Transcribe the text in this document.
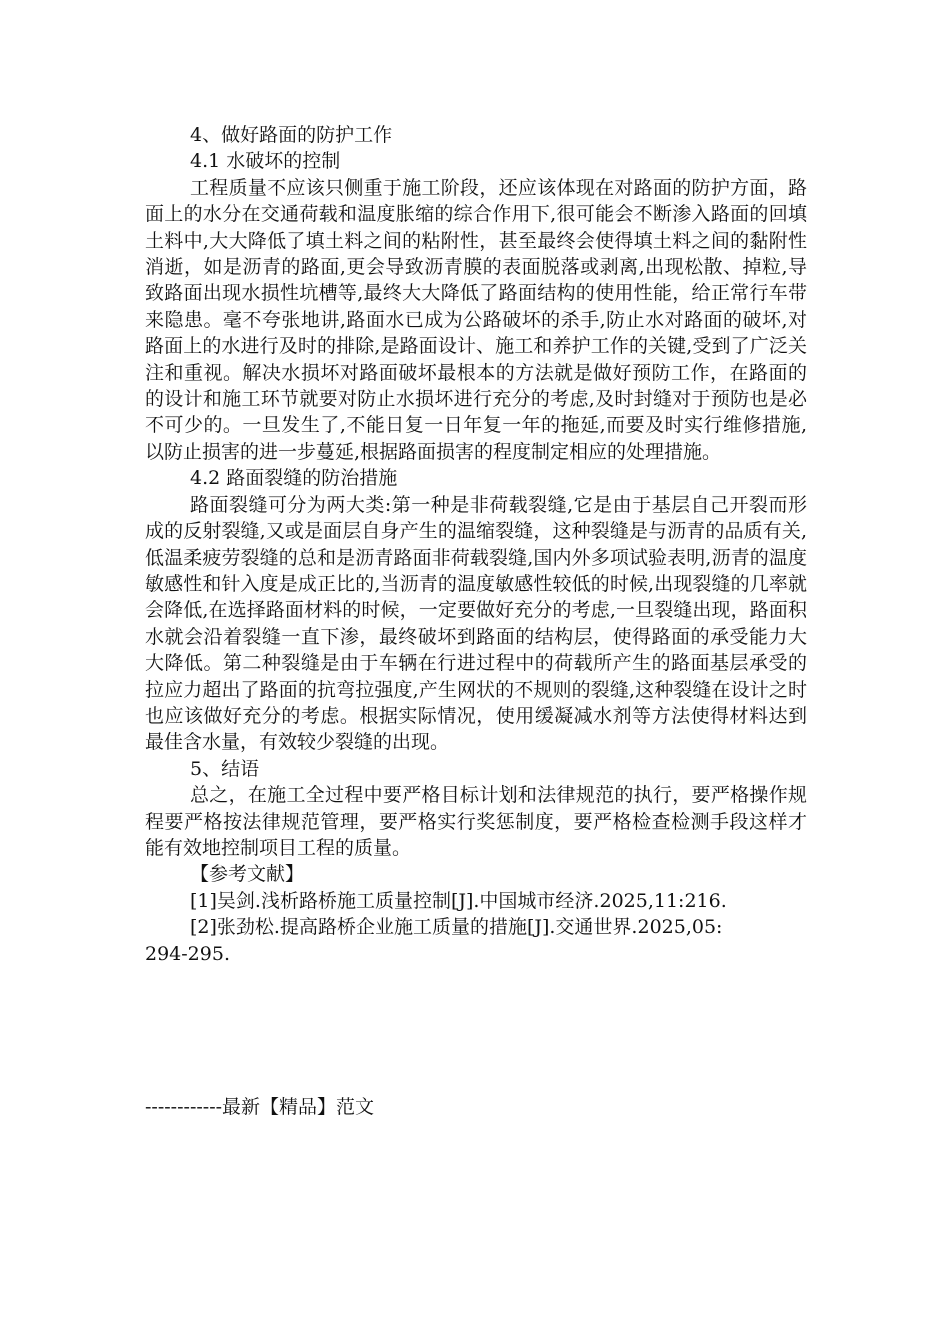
4、做好路面的防护工作

4.1 水破坏的控制

工程质量不应该只侧重于施工阶段，还应该体现在对路面的防护方面，路面上的水分在交通荷载和温度胀缩的综合作用下,很可能会不断渗入路面的回填土料中,大大降低了填土料之间的粘附性，甚至最终会使得填土料之间的黏附性消逝，如是沥青的路面,更会导致沥青膜的表面脱落或剥离,出现松散、掉粒,导致路面出现水损性坑槽等,最终大大降低了路面结构的使用性能，给正常行车带来隐患。毫不夸张地讲,路面水已成为公路破坏的杀手,防止水对路面的破坏,对路面上的水进行及时的排除,是路面设计、施工和养护工作的关键,受到了广泛关注和重视。解决水损坏对路面破坏最根本的方法就是做好预防工作，在路面的的设计和施工环节就要对防止水损坏进行充分的考虑,及时封缝对于预防也是必不可少的。一旦发生了,不能日复一日年复一年的拖延,而要及时实行维修措施,以防止损害的进一步蔓延,根据路面损害的程度制定相应的处理措施。

4.2 路面裂缝的防治措施

路面裂缝可分为两大类:第一种是非荷载裂缝,它是由于基层自己开裂而形成的反射裂缝,又或是面层自身产生的温缩裂缝，这种裂缝是与沥青的品质有关,低温柔疲劳裂缝的总和是沥青路面非荷载裂缝,国内外多项试验表明,沥青的温度敏感性和针入度是成正比的,当沥青的温度敏感性较低的时候,出现裂缝的几率就会降低,在选择路面材料的时候，一定要做好充分的考虑,一旦裂缝出现，路面积水就会沿着裂缝一直下渗，最终破坏到路面的结构层，使得路面的承受能力大大降低。第二种裂缝是由于车辆在行进过程中的荷载所产生的路面基层承受的拉应力超出了路面的抗弯拉强度,产生网状的不规则的裂缝,这种裂缝在设计之时也应该做好充分的考虑。根据实际情况，使用缓凝减水剂等方法使得材料达到最佳含水量，有效较少裂缝的出现。

5、结语

总之，在施工全过程中要严格目标计划和法律规范的执行，要严格操作规程要严格按法律规范管理，要严格实行奖惩制度，要严格检查检测手段这样才能有效地控制项目工程的质量。

【参考文献】

[1]吴剑.浅析路桥施工质量控制[J].中国城市经济.2025,11:216.

[2]张劲松.提高路桥企业施工质量的措施[J].交通世界.2025,05:294-295.

------------最新【精品】范文
